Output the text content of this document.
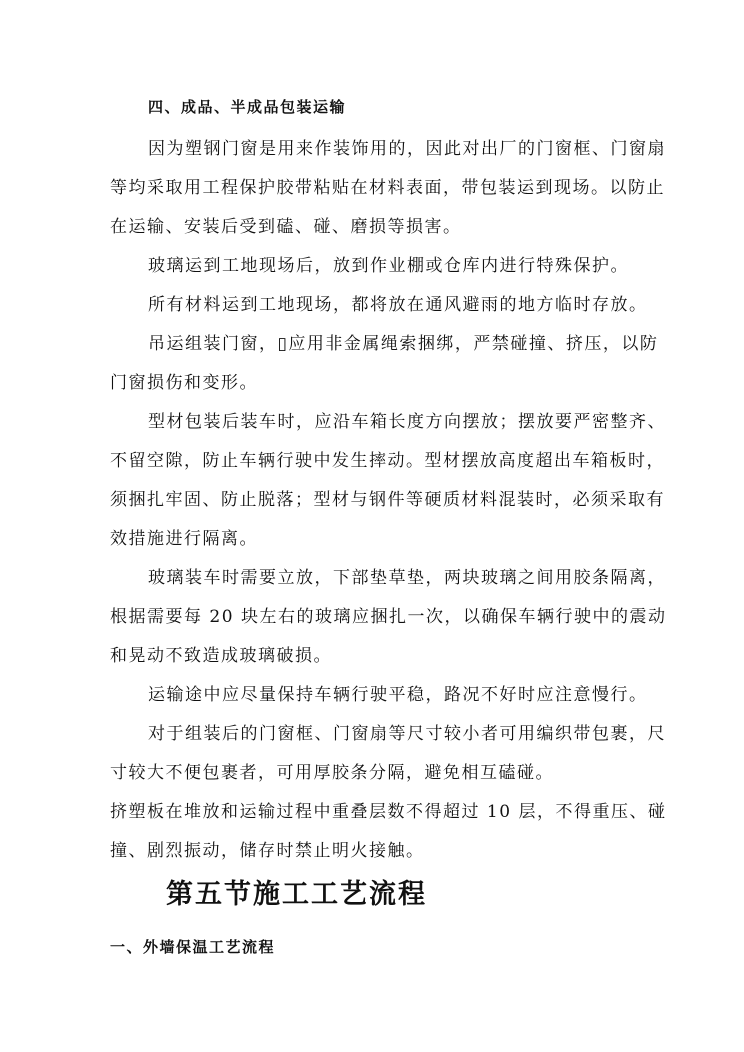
四、成品、半成品包装运输
因为塑钢门窗是用来作装饰用的，因此对出厂的门窗框、门窗扇
等均采取用工程保护胶带粘贴在材料表面，带包装运到现场。以防止
在运输、安装后受到磕、碰、磨损等损害。
玻璃运到工地现场后，放到作业棚或仓库内进行特殊保护。
所有材料运到工地现场，都将放在通风避雨的地方临时存放。
吊运组装门窗，▯应用非金属绳索捆绑，严禁碰撞、挤压，以防
门窗损伤和变形。
型材包装后装车时，应沿车箱长度方向摆放；摆放要严密整齐、
不留空隙，防止车辆行驶中发生摔动。型材摆放高度超出车箱板时，
须捆扎牢固、防止脱落；型材与钢件等硬质材料混装时，必须采取有
效措施进行隔离。
玻璃装车时需要立放，下部垫草垫，两块玻璃之间用胶条隔离，
根据需要每 20 块左右的玻璃应捆扎一次，以确保车辆行驶中的震动
和晃动不致造成玻璃破损。
运输途中应尽量保持车辆行驶平稳，路况不好时应注意慢行。
对于组装后的门窗框、门窗扇等尺寸较小者可用编织带包裹，尺
寸较大不便包裹者，可用厚胶条分隔，避免相互磕碰。
挤塑板在堆放和运输过程中重叠层数不得超过 10 层，不得重压、碰
撞、剧烈振动，储存时禁止明火接触。
第五节施工工艺流程
一、外墙保温工艺流程
